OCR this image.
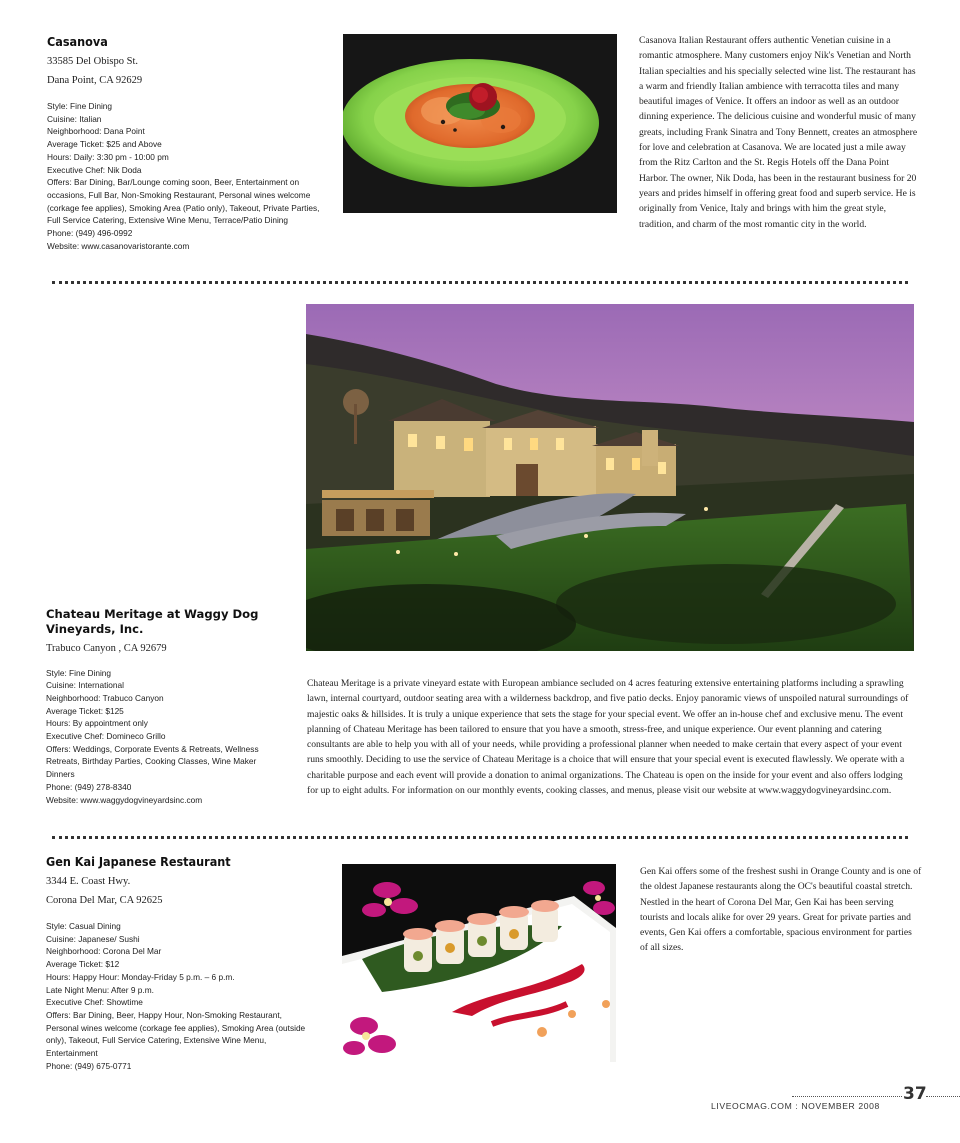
Casanova

33585 Del Obispo St.

Dana Point, CA 92629

Style: Fine Dining
Cuisine: Italian
Neighborhood: Dana Point
Average Ticket: $25 and Above
Hours: Daily: 3:30 pm - 10:00 pm
Executive Chef: Nik Doda
Offers: Bar Dining, Bar/Lounge coming soon, Beer, Entertainment on occasions, Full Bar, Non-Smoking Restaurant, Personal wines welcome (corkage fee applies), Smoking Area (Patio only), Takeout, Private Parties, Full Service Catering, Extensive Wine Menu, Terrace/Patio Dining
Phone: (949) 496-0992
Website: www.casanovaristorante.com

Casanova Italian Restaurant offers authentic Venetian cuisine in a romantic atmosphere. Many customers enjoy Nik's Venetian and North Italian specialties and his specially selected wine list. The restaurant has a warm and friendly Italian ambience with terracotta tiles and many beautiful images of Venice. It offers an indoor as well as an outdoor dinning experience. The delicious cuisine and wonderful music of many greats, including Frank Sinatra and Tony Bennett, creates an atmosphere for love and celebration at Casanova. We are located just a mile away from the Ritz Carlton and the St. Regis Hotels off the Dana Point Harbor. The owner, Nik Doda, has been in the restaurant business for 20 years and prides himself in offering great food and superb service. He is originally from Venice, Italy and brings with him the great style, tradition, and charm of the most romantic city in the world.

Chateau Meritage at Waggy Dog Vineyards, Inc.

Trabuco Canyon , CA 92679

Style: Fine Dining
Cuisine: International
Neighborhood: Trabuco Canyon
Average Ticket: $125
Hours: By appointment only
Executive Chef: Domineco Grillo
Offers: Weddings, Corporate Events & Retreats, Wellness Retreats, Birthday Parties, Cooking Classes, Wine Maker Dinners
Phone: (949) 278-8340
Website: www.waggydogvineyardsinc.com

Chateau Meritage is a private vineyard estate with European ambiance secluded on 4 acres featuring extensive entertaining platforms including a sprawling lawn, internal courtyard, outdoor seating area with a wilderness backdrop, and five patio decks. Enjoy panoramic views of unspoiled natural surroundings of majestic oaks & hillsides. It is truly a unique experience that sets the stage for your special event. We offer an in-house chef and exclusive menu. The event planning of Chateau Meritage has been tailored to ensure that you have a smooth, stress-free, and unique experience. Our event planning and catering consultants are able to help you with all of your needs, while providing a professional planner when needed to make certain that every aspect of your event runs smoothly. Deciding to use the service of Chateau Meritage is a choice that will ensure that your special event is executed flawlessly. We operate with a charitable purpose and each event will provide a donation to animal organizations. The Chateau is open on the inside for your event and also offers lodging for up to eight adults. For information on our monthly events, cooking classes, and menus, please visit our website at www.waggydogvineyardsinc.com.

Gen Kai Japanese Restaurant

3344 E. Coast Hwy.

Corona Del Mar, CA 92625

Style: Casual Dining
Cuisine: Japanese/ Sushi
Neighborhood: Corona Del Mar
Average Ticket: $12
Hours: Happy Hour: Monday-Friday 5 p.m. – 6 p.m.
Late Night Menu: After 9 p.m.
Executive Chef: Showtime
Offers: Bar Dining, Beer, Happy Hour, Non-Smoking Restaurant, Personal wines welcome (corkage fee applies), Smoking Area (outside only), Takeout, Full Service Catering, Extensive Wine Menu, Entertainment
Phone: (949) 675-0771

Gen Kai offers some of the freshest sushi in Orange County and is one of the oldest Japanese restaurants along the OC's beautiful coastal stretch. Nestled in the heart of Corona Del Mar, Gen Kai has been serving tourists and locals alike for over 29 years. Great for private parties and events, Gen Kai offers a comfortable, spacious environment for parties of all sizes.

37
LIVEOCMAG.COM : NOVEMBER 2008
